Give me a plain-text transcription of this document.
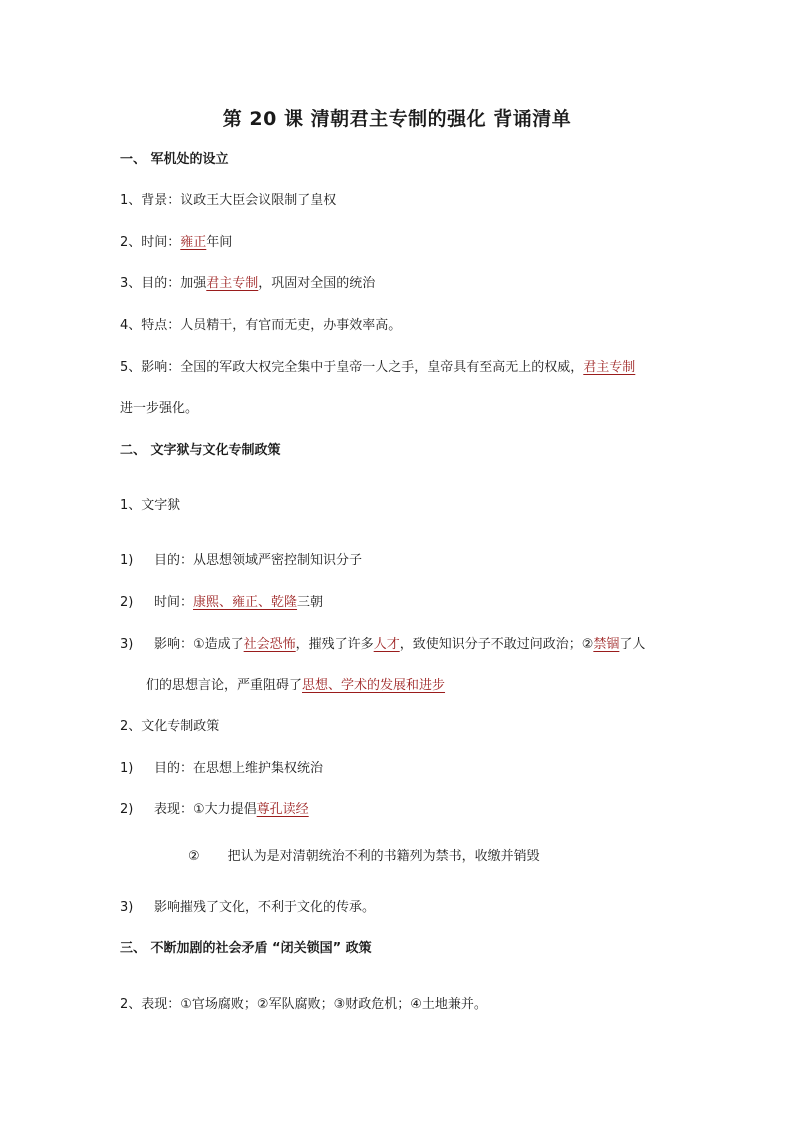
第 20 课 清朝君主专制的强化 背诵清单
一、 军机处的设立
1、背景：议政王大臣会议限制了皇权
2、时间：雍正年间
3、目的：加强君主专制，巩固对全国的统治
4、特点：人员精干，有官而无吏，办事效率高。
5、影响：全国的军政大权完全集中于皇帝一人之手，皇帝具有至高无上的权威，君主专制
进一步强化。
二、 文字狱与文化专制政策
1、文字狱
1) 目的：从思想领域严密控制知识分子
2) 时间：康熙、雍正、乾隆三朝
3) 影响：①造成了社会恐怖，摧残了许多人才，致使知识分子不敢过问政治；②禁锢了人
们的思想言论，严重阻碍了思想、学术的发展和进步
2、文化专制政策
1) 目的：在思想上维护集权统治
2) 表现：①大力提倡尊孔读经
② 把认为是对清朝统治不利的书籍列为禁书，收缴并销毁
3) 影响摧残了文化，不利于文化的传承。
三、 不断加剧的社会矛盾 “闭关锁国” 政策
2、表现：①官场腐败；②军队腐败；③财政危机；④土地兼并。
